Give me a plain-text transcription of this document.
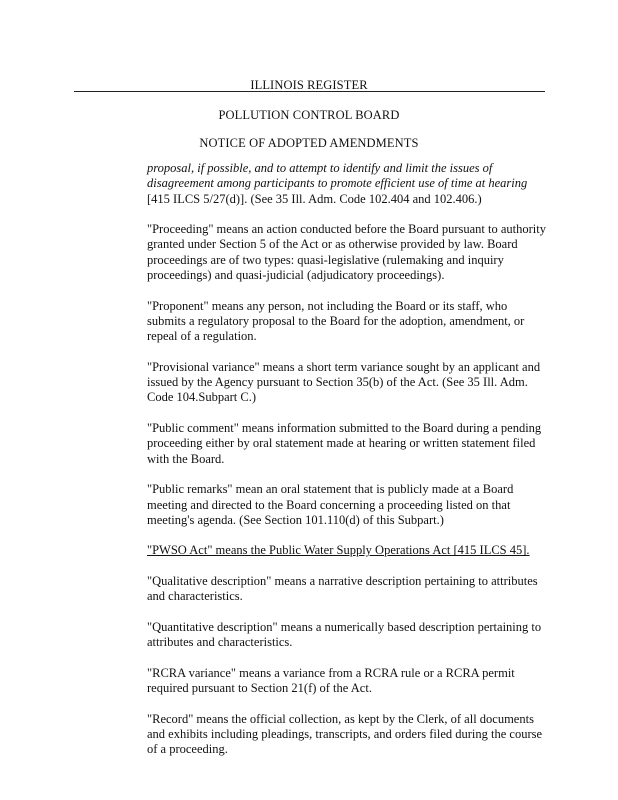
ILLINOIS REGISTER
POLLUTION CONTROL BOARD
NOTICE OF ADOPTED AMENDMENTS

proposal, if possible, and to attempt to identify and limit the issues of disagreement among participants to promote efficient use of time at hearing [415 ILCS 5/27(d)]. (See 35 Ill. Adm. Code 102.404 and 102.406.)

"Proceeding" means an action conducted before the Board pursuant to authority granted under Section 5 of the Act or as otherwise provided by law. Board proceedings are of two types: quasi-legislative (rulemaking and inquiry proceedings) and quasi-judicial (adjudicatory proceedings).

"Proponent" means any person, not including the Board or its staff, who submits a regulatory proposal to the Board for the adoption, amendment, or repeal of a regulation.

"Provisional variance" means a short term variance sought by an applicant and issued by the Agency pursuant to Section 35(b) of the Act. (See 35 Ill. Adm. Code 104.Subpart C.)

"Public comment" means information submitted to the Board during a pending proceeding either by oral statement made at hearing or written statement filed with the Board.

"Public remarks" mean an oral statement that is publicly made at a Board meeting and directed to the Board concerning a proceeding listed on that meeting's agenda. (See Section 101.110(d) of this Subpart.)

"PWSO Act" means the Public Water Supply Operations Act [415 ILCS 45].

"Qualitative description" means a narrative description pertaining to attributes and characteristics.

"Quantitative description" means a numerically based description pertaining to attributes and characteristics.

"RCRA variance" means a variance from a RCRA rule or a RCRA permit required pursuant to Section 21(f) of the Act.

"Record" means the official collection, as kept by the Clerk, of all documents and exhibits including pleadings, transcripts, and orders filed during the course of a proceeding.
